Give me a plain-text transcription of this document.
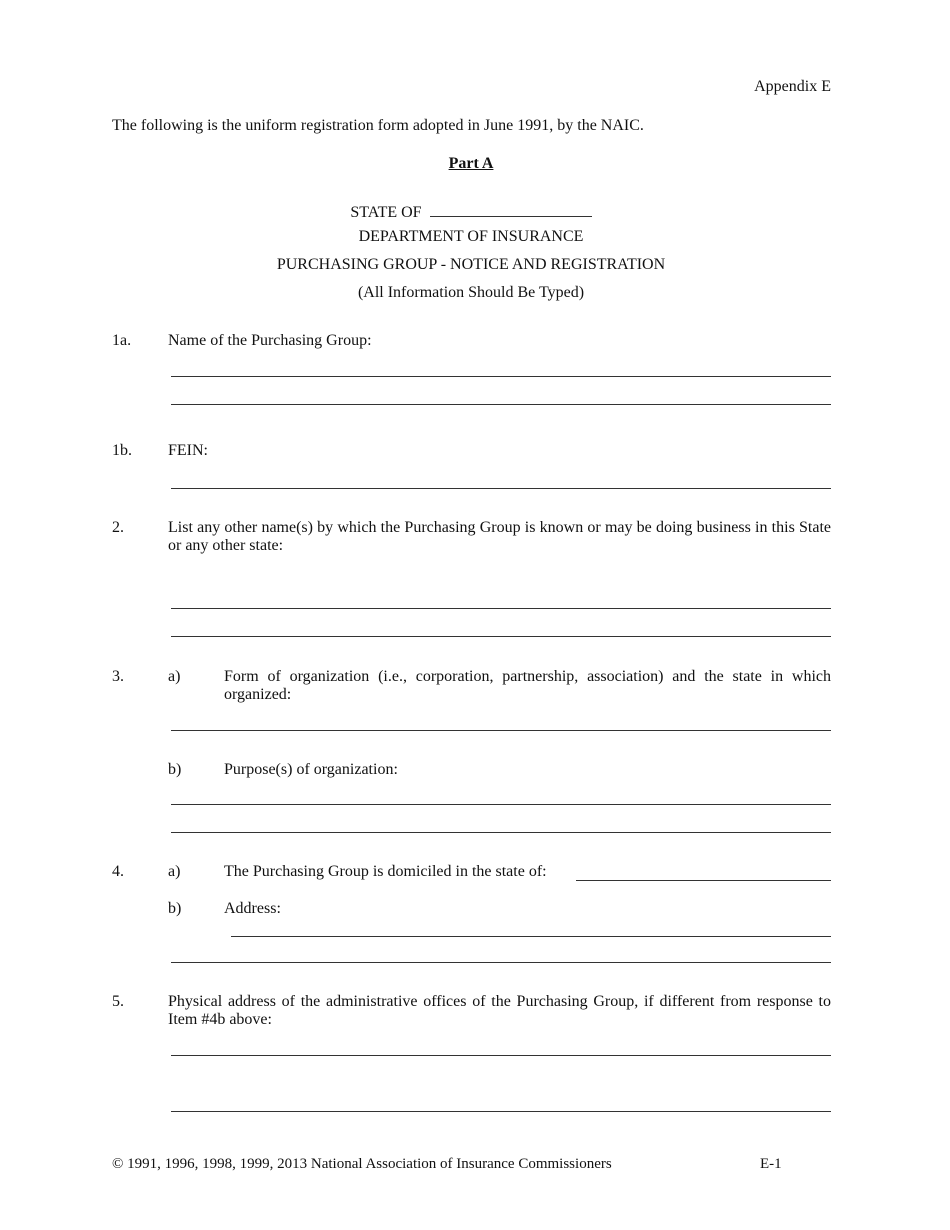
Appendix E

The following is the uniform registration form adopted in June 1991, by the NAIC.

Part A

STATE OF

DEPARTMENT OF INSURANCE

PURCHASING GROUP - NOTICE AND REGISTRATION

(All Information Should Be Typed)

1a. Name of the Purchasing Group:

1b. FEIN:

2.	List any other name(s) by which the Purchasing Group is known or may be doing business in this State or any other state:

3.	a)	Form of organization (i.e., corporation, partnership, association) and the state in which organized:

b)	Purpose(s) of organization:

4.	a)	The Purchasing Group is domiciled in the state of:

b)	Address:

5.	Physical address of the administrative offices of the Purchasing Group, if different from response to Item #4b above:

© 1991, 1996, 1998, 1999, 2013 National Association of Insurance Commissioners	E-1
